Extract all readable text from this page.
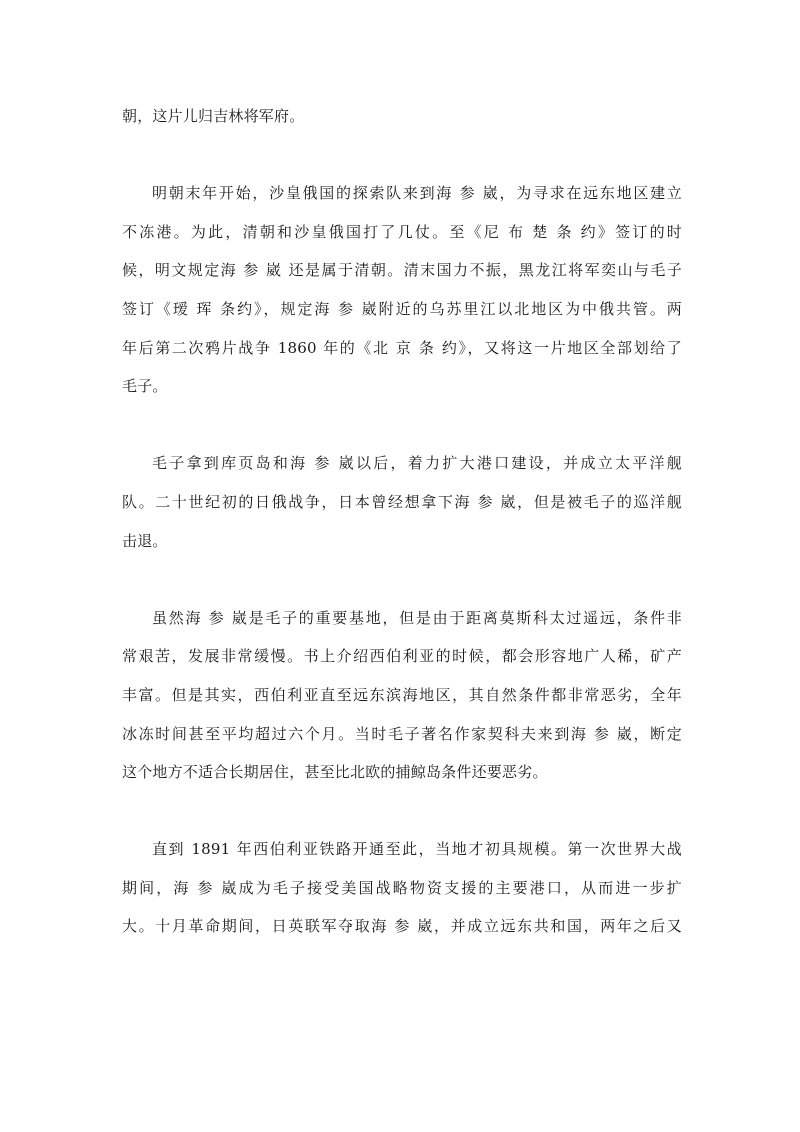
朝，这片儿归吉林将军府。
明朝末年开始，沙皇俄国的探索队来到海 参 崴，为寻求在远东地区建立
不冻港。为此，清朝和沙皇俄国打了几仗。至《尼 布 楚 条 约》签订的时
候，明文规定海 参 崴 还是属于清朝。清末国力不振，黑龙江将军奕山与毛子
签订《瑷 珲 条约》，规定海 参 崴附近的乌苏里江以北地区为中俄共管。两
年后第二次鸦片战争 1860 年的《北 京 条 约》，又将这一片地区全部划给了
毛子。
毛子拿到库页岛和海 参 崴以后，着力扩大港口建设，并成立太平洋舰
队。二十世纪初的日俄战争，日本曾经想拿下海 参 崴，但是被毛子的巡洋舰
击退。
虽然海 参 崴是毛子的重要基地，但是由于距离莫斯科太过遥远，条件非
常艰苦，发展非常缓慢。书上介绍西伯利亚的时候，都会形容地广人稀，矿产
丰富。但是其实，西伯利亚直至远东滨海地区，其自然条件都非常恶劣，全年
冰冻时间甚至平均超过六个月。当时毛子著名作家契科夫来到海 参 崴，断定
这个地方不适合长期居住，甚至比北欧的捕鲸岛条件还要恶劣。
直到 1891 年西伯利亚铁路开通至此，当地才初具规模。第一次世界大战
期间，海 参 崴成为毛子接受美国战略物资支援的主要港口，从而进一步扩
大。十月革命期间，日英联军夺取海 参 崴，并成立远东共和国，两年之后又
